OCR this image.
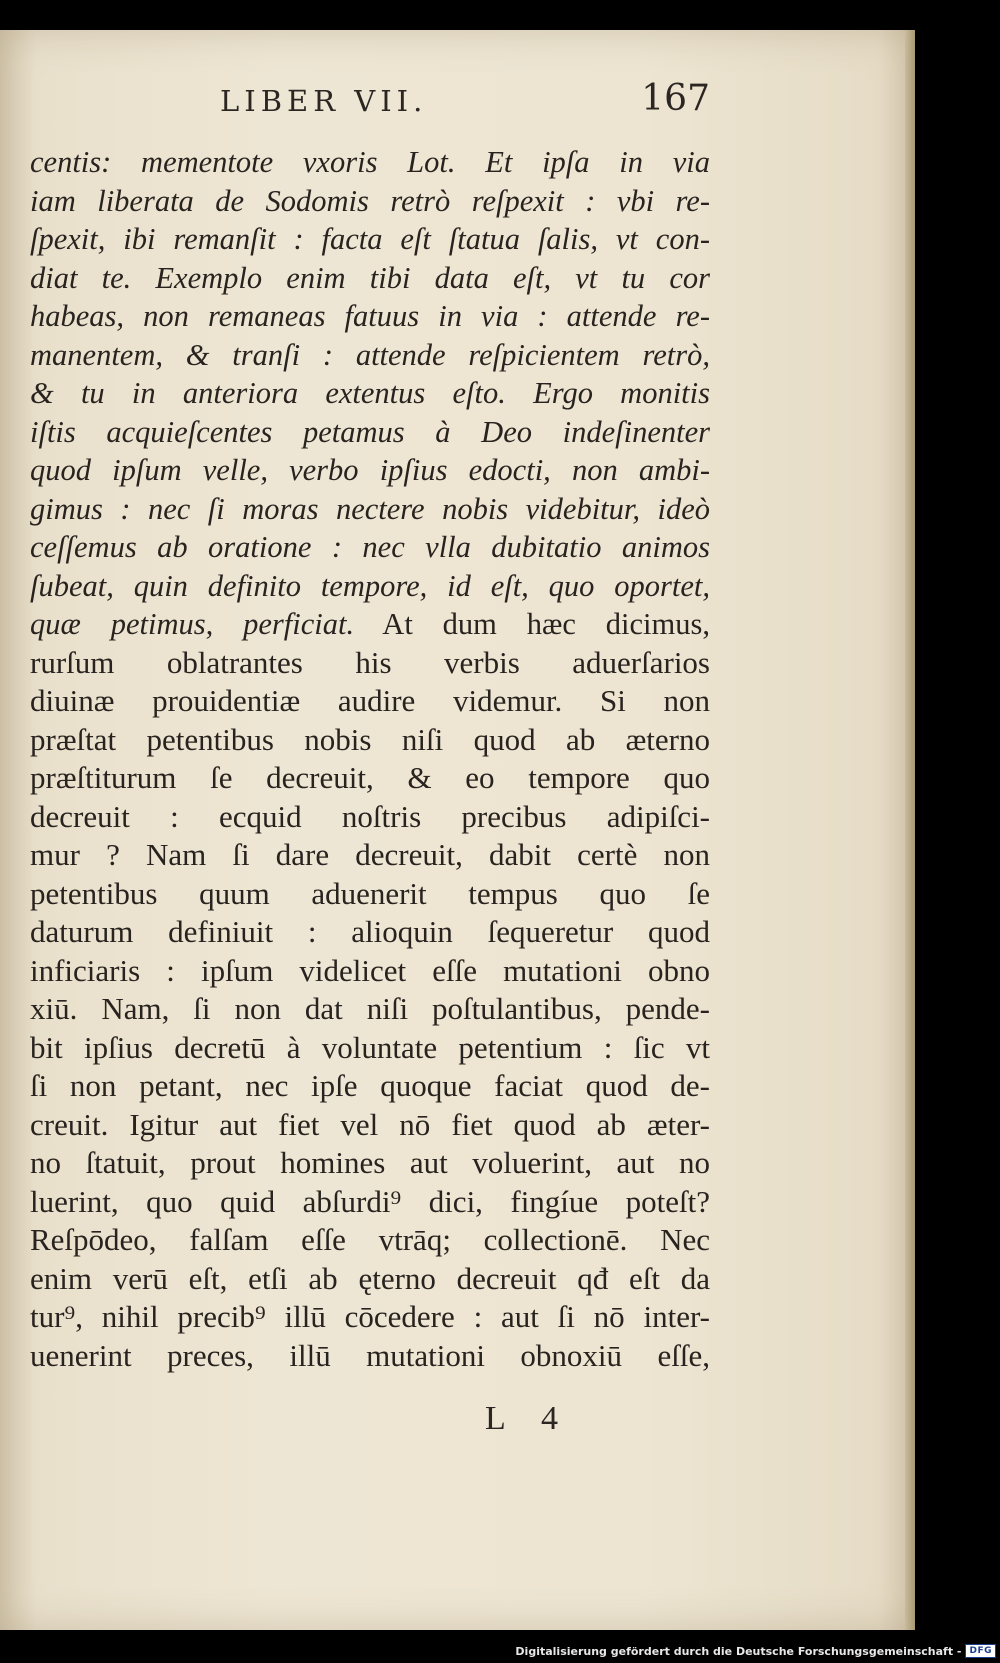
LIBER VII.	167
centis: mementote vxoris Lot. Et ipſa in via
iam liberata de Sodomis retrò reſpexit : vbi re-
ſpexit, ibi remanſit : facta eſt ſtatua ſalis, vt con-
diat te. Exemplo enim tibi data eſt, vt tu cor
habeas, non remaneas fatuus in via : attende re-
manentem, & tranſi : attende reſpicientem retrò,
& tu in anteriora extentus eſto. Ergo monitis
iſtis acquieſcentes petamus à Deo indeſinenter
quod ipſum velle, verbo ipſius edocti, non ambi-
gimus : nec ſi moras nectere nobis videbitur, ideò
ceſſemus ab oratione : nec vlla dubitatio animos
ſubeat, quin definito tempore, id eſt, quo oportet,
quæ petimus, perficiat. At dum hæc dicimus,
rurſum oblatrantes his verbis aduerſarios
diuinæ prouidentiæ audire videmur. Si non
præſtat petentibus nobis niſi quod ab æterno
præſtiturum ſe decreuit, & eo tempore quo
decreuit : ecquid noſtris precibus adipiſci-
mur ? Nam ſi dare decreuit, dabit certè non
petentibus quum aduenerit tempus quo ſe
daturum definiuit : alioquin ſequeretur quod
inficiaris : ipſum videlicet eſſe mutationi obno
xiū. Nam, ſi non dat niſi poſtulantibus, pende-
bit ipſius decretū à voluntate petentium : ſic vt
ſi non petant, nec ipſe quoque faciat quod de-
creuit. Igitur aut fiet vel nō fiet quod ab æter-
no ſtatuit, prout homines aut voluerint, aut no
luerint, quo quid abſurdi⁹ dici, fingíue poteſt?
Reſpōdeo, falſam eſſe vtrāq; collectionē. Nec
enim verū eſt, etſi ab ęterno decreuit qđ eſt da
tur⁹, nihil precib⁹ illū cōcedere : aut ſi nō inter-
uenerint preces, illū mutationi obnoxiū eſſe,
L 4
Digitalisierung gefördert durch die Deutsche Forschungsgemeinschaft - DFG
